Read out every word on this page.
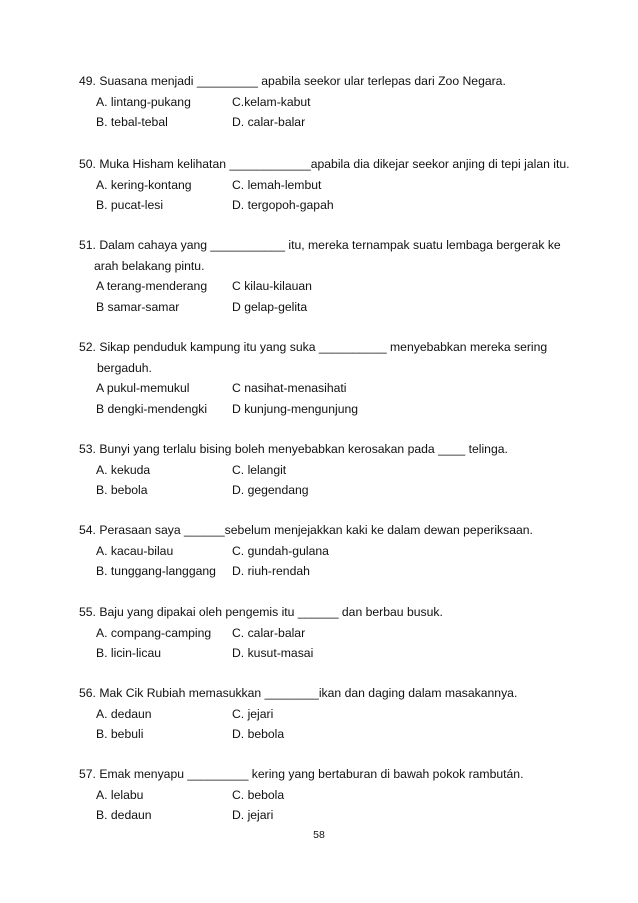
49. Suasana menjadi _________ apabila seekor ular terlepas dari Zoo Negara.
A. lintang-pukang	C.kelam-kabut
B. tebal-tebal	D. calar-balar
50. Muka Hisham kelihatan ____________apabila dia dikejar seekor anjing di tepi jalan itu.
A. kering-kontang	C. lemah-lembut
B. pucat-lesi	D. tergopoh-gapah
51. Dalam cahaya yang ___________ itu, mereka ternampak suatu lembaga bergerak ke
arah belakang pintu.
A terang-menderang	C kilau-kilauan
B samar-samar	D gelap-gelita
52. Sikap penduduk kampung itu yang suka __________ menyebabkan mereka sering
bergaduh.
A pukul-memukul	C nasihat-menasihati
B dengki-mendengki	D kunjung-mengunjung
53. Bunyi yang terlalu bising boleh menyebabkan kerosakan pada ____ telinga.
A. kekuda	C. lelangit
B. bebola	D. gegendang
54. Perasaan saya ______sebelum menjejakkan kaki ke dalam dewan peperiksaan.
A. kacau-bilau	C. gundah-gulana
B. tunggang-langgang	D. riuh-rendah
55. Baju yang dipakai oleh pengemis itu ______ dan berbau busuk.
A. compang-camping	C. calar-balar
B. licin-licau	D. kusut-masai
56. Mak Cik Rubiah memasukkan ________ikan dan daging dalam masakannya.
A. dedaun	C. jejari
B. bebuli	D. bebola
57. Emak menyapu _________ kering yang bertaburan di bawah pokok rambután.
A. lelabu	C. bebola
B. dedaun	D. jejari
58
